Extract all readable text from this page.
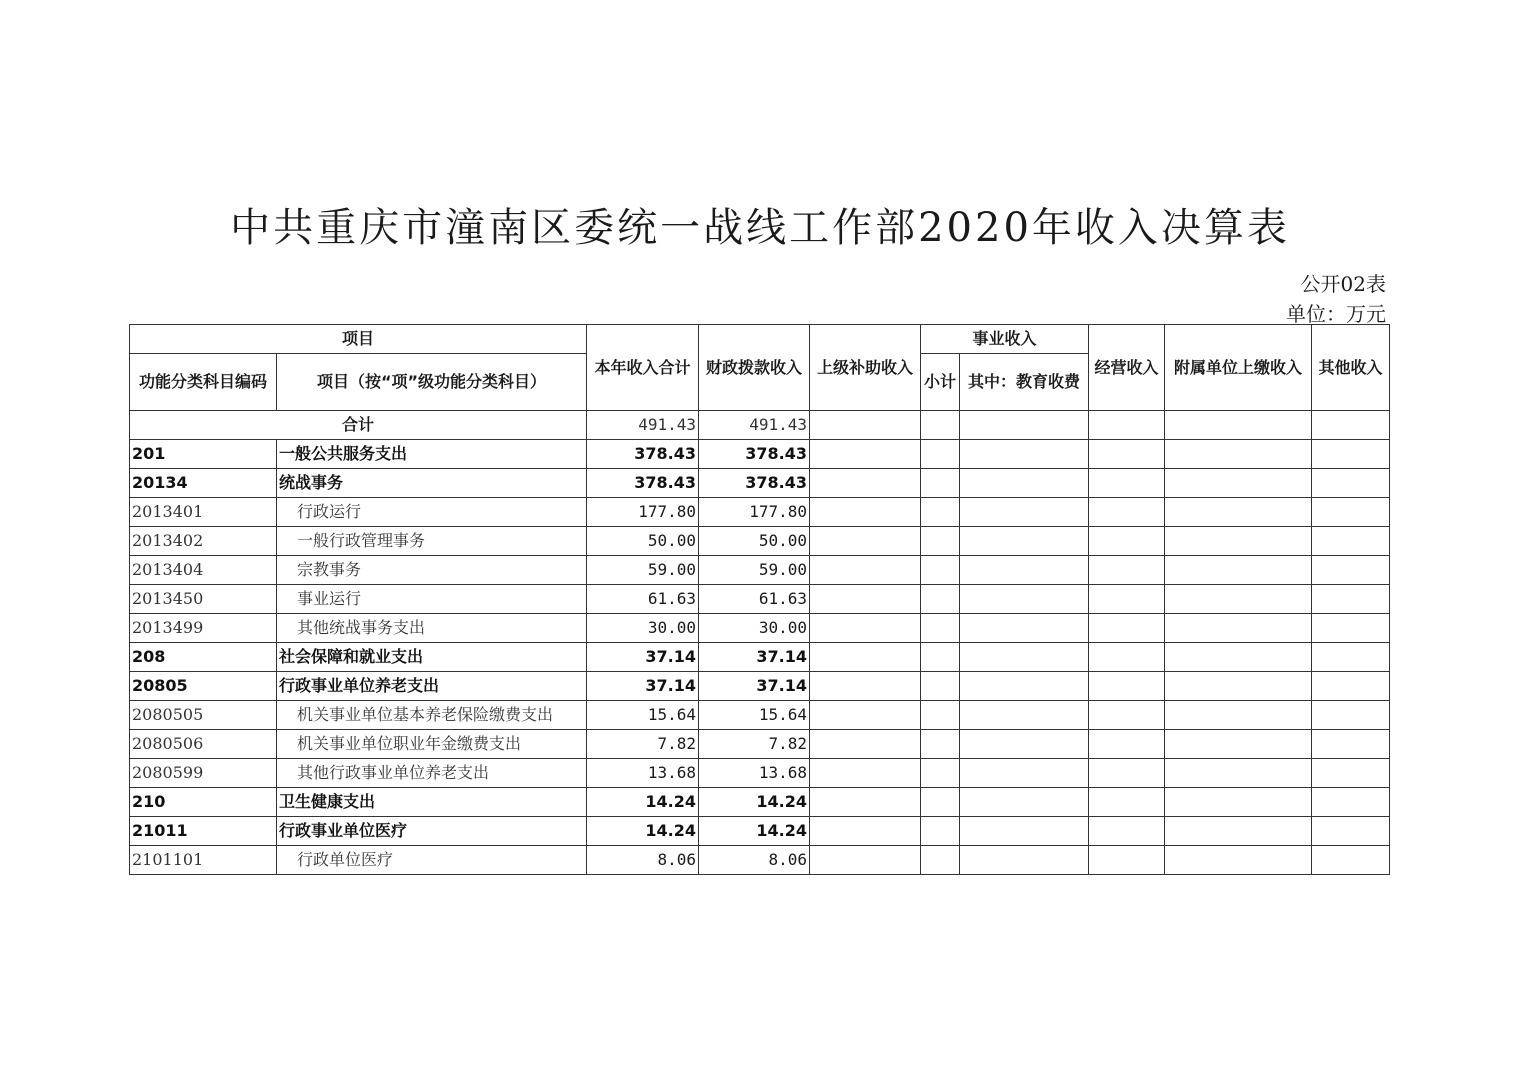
中共重庆市潼南区委统一战线工作部2020年收入决算表
公开02表
单位：万元
项目		本年收入合计	财政拨款收入	上级补助收入	事业收入		经营收入	附属单位上缴收入	其他收入
功能分类科目编码	项目（按“项”级功能分类科目）								
					小计	其中：教育收费			
合计		491.43	491.43						
201	一般公共服务支出	378.43	378.43						
20134	统战事务	378.43	378.43						
2013401	行政运行	177.80	177.80						
2013402	一般行政管理事务	50.00	50.00						
2013404	宗教事务	59.00	59.00						
2013450	事业运行	61.63	61.63						
2013499	其他统战事务支出	30.00	30.00						
208	社会保障和就业支出	37.14	37.14						
20805	行政事业单位养老支出	37.14	37.14						
2080505	机关事业单位基本养老保险缴费支出	15.64	15.64						
2080506	机关事业单位职业年金缴费支出	7.82	7.82						
2080599	其他行政事业单位养老支出	13.68	13.68						
210	卫生健康支出	14.24	14.24						
21011	行政事业单位医疗	14.24	14.24						
2101101	行政单位医疗	8.06	8.06						
